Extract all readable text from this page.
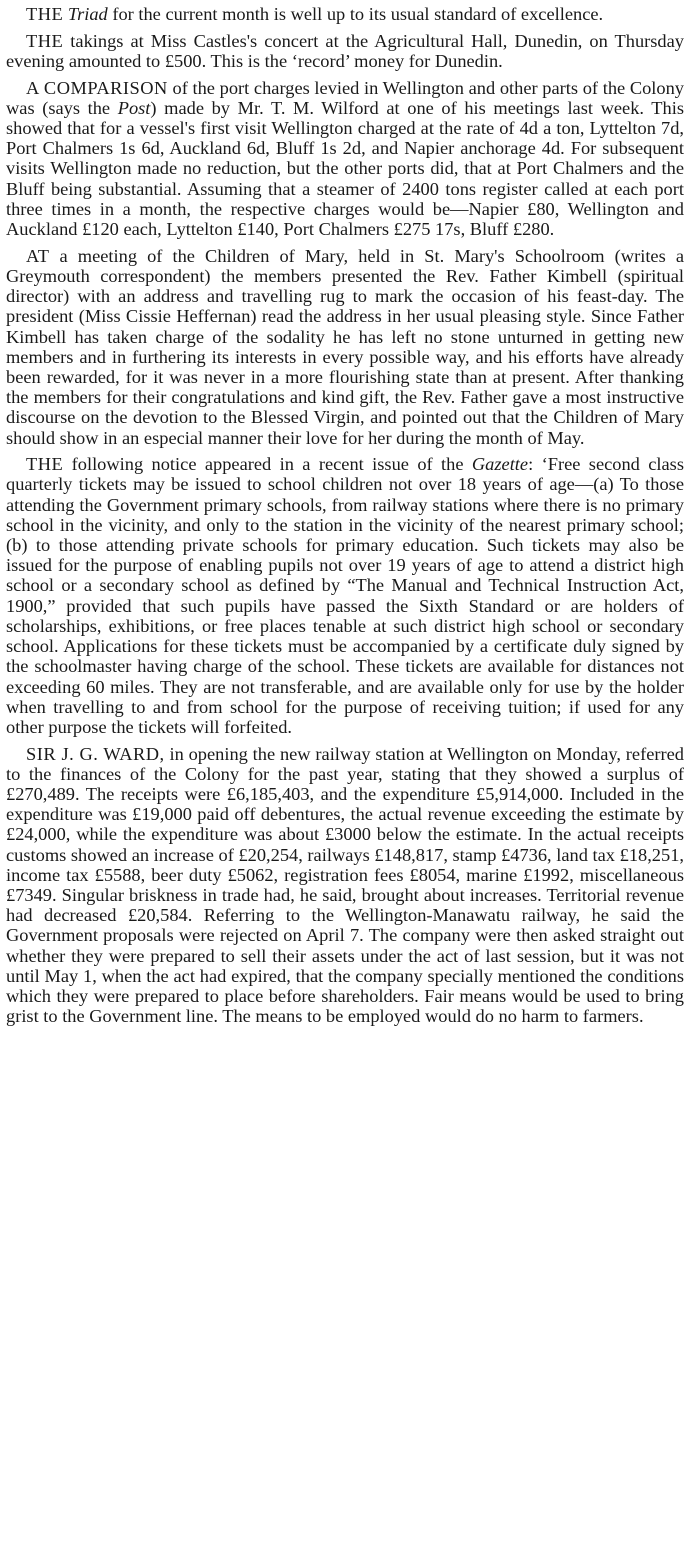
THE Triad for the current month is well up to its usual standard of excellence.

THE takings at Miss Castles's concert at the Agricultural Hall, Dunedin, on Thursday evening amounted to £500. This is the ‘record’ money for Dunedin.

A COMPARISON of the port charges levied in Wellington and other parts of the Colony was (says the Post) made by Mr. T. M. Wilford at one of his meetings last week. This showed that for a vessel's first visit Wellington charged at the rate of 4d a ton, Lyttelton 7d, Port Chalmers 1s 6d, Auckland 6d, Bluff 1s 2d, and Napier anchorage 4d. For subsequent visits Wellington made no reduction, but the other ports did, that at Port Chalmers and the Bluff being substantial. Assuming that a steamer of 2400 tons register called at each port three times in a month, the respective charges would be—Napier £80, Wellington and Auckland £120 each, Lyttelton £140, Port Chalmers £275 17s, Bluff £280.

AT a meeting of the Children of Mary, held in St. Mary's Schoolroom (writes a Greymouth correspondent) the members presented the Rev. Father Kimbell (spiritual director) with an address and travelling rug to mark the occasion of his feast-day. The president (Miss Cissie Heffernan) read the address in her usual pleasing style. Since Father Kimbell has taken charge of the sodality he has left no stone unturned in getting new members and in furthering its interests in every possible way, and his efforts have already been rewarded, for it was never in a more flourishing state than at present. After thanking the members for their congratulations and kind gift, the Rev. Father gave a most instructive discourse on the devotion to the Blessed Virgin, and pointed out that the Children of Mary should show in an especial manner their love for her during the month of May.

THE following notice appeared in a recent issue of the Gazette: ‘Free second class quarterly tickets may be issued to school children not over 18 years of age—(a) To those attending the Government primary schools, from railway stations where there is no primary school in the vicinity, and only to the station in the vicinity of the nearest primary school; (b) to those attending private schools for primary education. Such tickets may also be issued for the purpose of enabling pupils not over 19 years of age to attend a district high school or a secondary school as defined by “The Manual and Technical Instruction Act, 1900,” provided that such pupils have passed the Sixth Standard or are holders of scholarships, exhibitions, or free places tenable at such district high school or secondary school. Applications for these tickets must be accompanied by a certificate duly signed by the schoolmaster having charge of the school. These tickets are available for distances not exceeding 60 miles. They are not transferable, and are available only for use by the holder when travelling to and from school for the purpose of receiving tuition; if used for any other purpose the tickets will forfeited.

SIR J. G. WARD, in opening the new railway station at Wellington on Monday, referred to the finances of the Colony for the past year, stating that they showed a surplus of £270,489. The receipts were £6,185,403, and the expenditure £5,914,000. Included in the expenditure was £19,000 paid off debentures, the actual revenue exceeding the estimate by £24,000, while the expenditure was about £3000 below the estimate. In the actual receipts customs showed an increase of £20,254, railways £148,817, stamp £4736, land tax £18,251, income tax £5588, beer duty £5062, registration fees £8054, marine £1992, miscellaneous £7349. Singular briskness in trade had, he said, brought about increases. Territorial revenue had decreased £20,584. Referring to the Wellington-Manawatu railway, he said the Government proposals were rejected on April 7. The company were then asked straight out whether they were prepared to sell their assets under the act of last session, but it was not until May 1, when the act had expired, that the company specially mentioned the conditions which they were prepared to place before shareholders. Fair means would be used to bring grist to the Government line. The means to be employed would do no harm to farmers.
